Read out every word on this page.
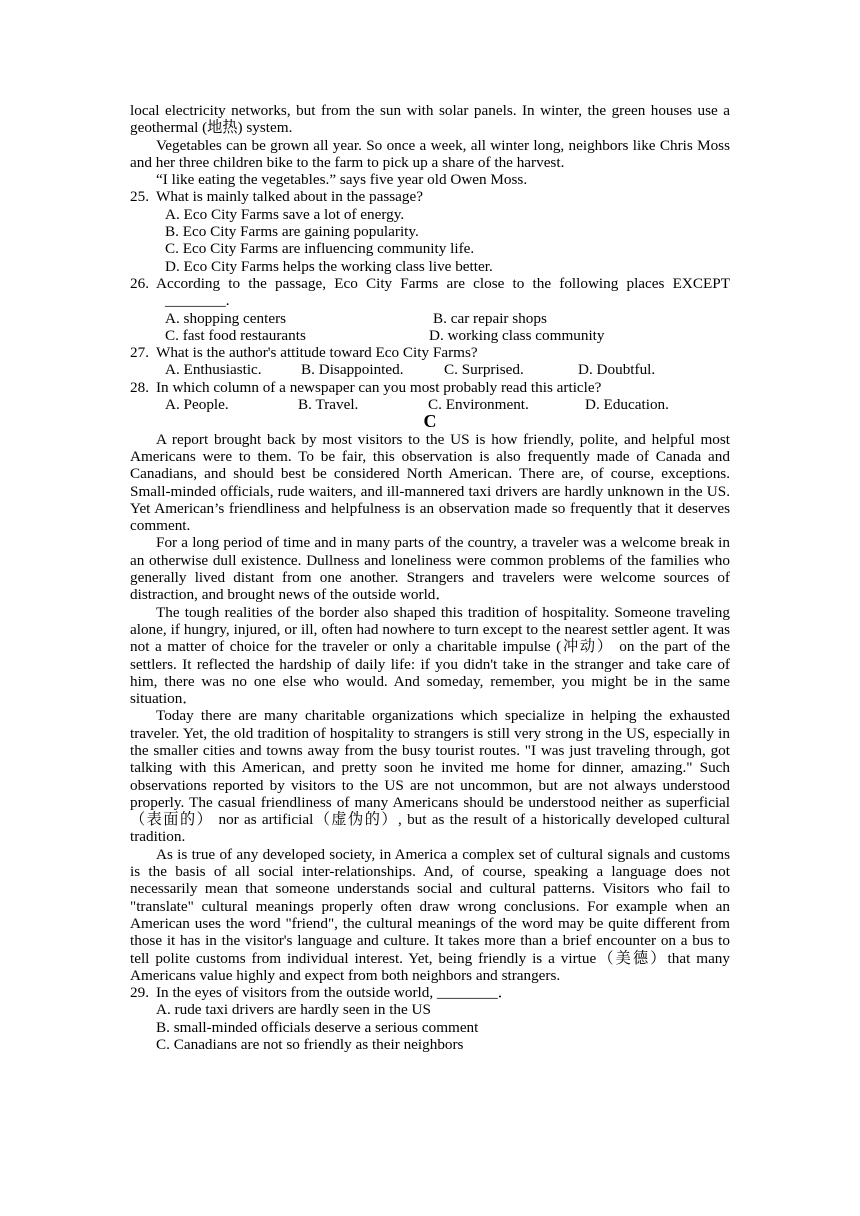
local electricity networks, but from the sun with solar panels. In winter, the green houses use a geothermal (地热) system.

Vegetables can be grown all year. So once a week, all winter long, neighbors like Chris Moss and her three children bike to the farm to pick up a share of the harvest.

“I like eating the vegetables.” says five year old Owen Moss.

25. What is mainly talked about in the passage?

A. Eco City Farms save a lot of energy.

B. Eco City Farms are gaining popularity.

C. Eco City Farms are influencing community life.

D. Eco City Farms helps the working class live better.

26. According to the passage, Eco City Farms are close to the following places EXCEPT ________.

A. shopping centers	B. car repair shops

C. fast food restaurants	D. working class community

27. What is the author's attitude toward Eco City Farms?

A. Enthusiastic.	B. Disappointed.	C. Surprised.	D. Doubtful.

28. In which column of a newspaper can you most probably read this article?

A. People.	B. Travel.	C. Environment.	D. Education.

C

A report brought back by most visitors to the US is how friendly, polite, and helpful most Americans were to them. To be fair, this observation is also frequently made of Canada and Canadians, and should best be considered North American. There are, of course, exceptions. Small-minded officials, rude waiters, and ill-mannered taxi drivers are hardly unknown in the US. Yet American’s friendliness and helpfulness is an observation made so frequently that it deserves comment.

For a long period of time and in many parts of the country, a traveler was a welcome break in an otherwise dull existence. Dullness and loneliness were common problems of the families who generally lived distant from one another. Strangers and travelers were welcome sources of distraction, and brought news of the outside world．

The tough realities of the border also shaped this tradition of hospitality. Someone traveling alone, if hungry, injured, or ill, often had nowhere to turn except to the nearest settler agent. It was not a matter of choice for the traveler or only a charitable impulse (冲动） on the part of the settlers. It reflected the hardship of daily life: if you didn't take in the stranger and take care of him, there was no one else who would. And someday, remember, you might be in the same situation．

Today there are many charitable organizations which specialize in helping the exhausted traveler. Yet, the old tradition of hospitality to strangers is still very strong in the US, especially in the smaller cities and towns away from the busy tourist routes. "I was just traveling through, got talking with this American, and pretty soon he invited me home for dinner, amazing." Such observations reported by visitors to the US are not uncommon, but are not always understood properly. The casual friendliness of many Americans should be understood neither as superficial（表面的） nor as artificial（虚伪的）, but as the result of a historically developed cultural tradition.

As is true of any developed society, in America a complex set of cultural signals and customs is the basis of all social inter-relationships. And, of course, speaking a language does not necessarily mean that someone understands social and cultural patterns. Visitors who fail to "translate" cultural meanings properly often draw wrong conclusions. For example when an American uses the word "friend", the cultural meanings of the word may be quite different from those it has in the visitor's language and culture. It takes more than a brief encounter on a bus to tell polite customs from individual interest. Yet, being friendly is a virtue（美德）that many Americans value highly and expect from both neighbors and strangers.

29. In the eyes of visitors from the outside world, ________．

A. rude taxi drivers are hardly seen in the US

B. small-minded officials deserve a serious comment

C. Canadians are not so friendly as their neighbors
